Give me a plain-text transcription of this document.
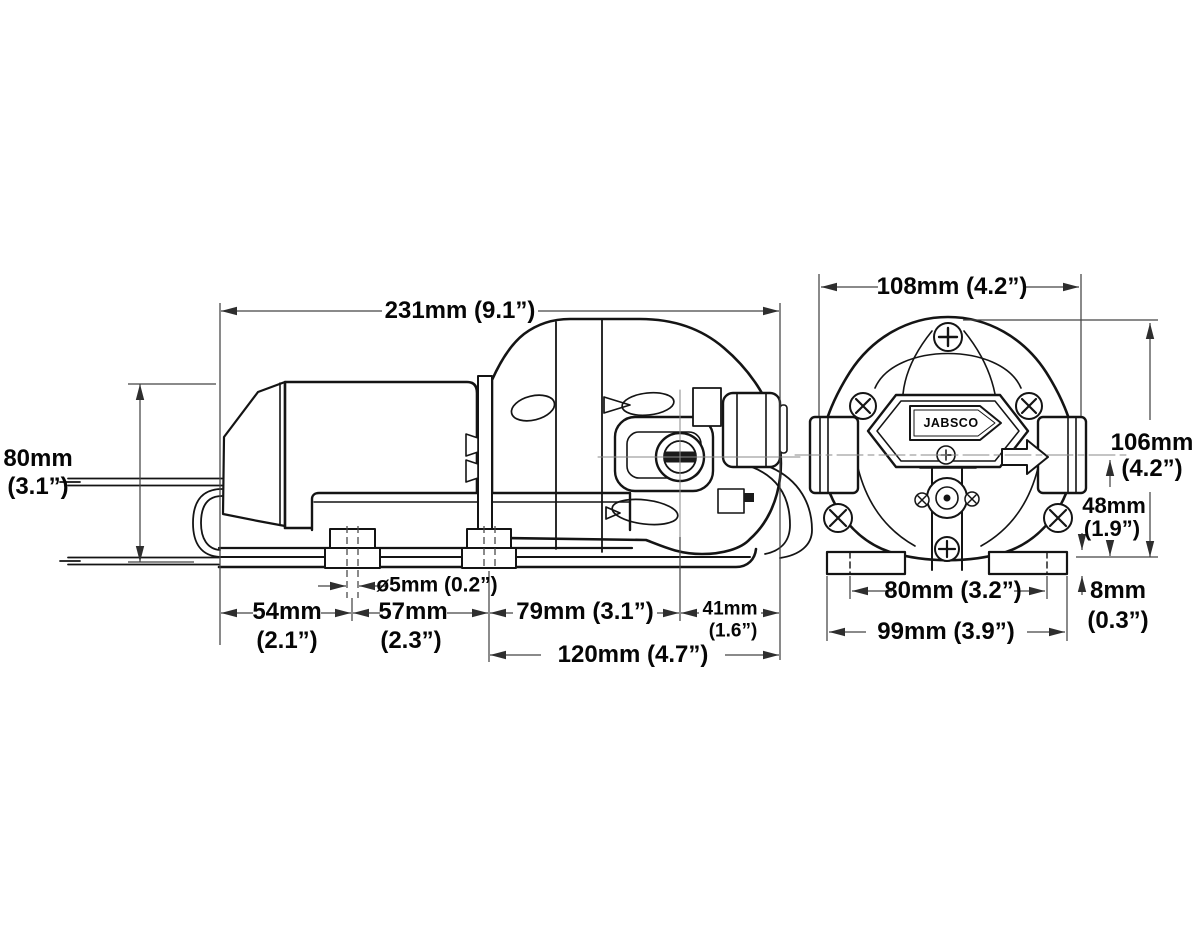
231mm (9.1”)
80mm
(3.1”)
ø5mm (0.2”)
54mm
(2.1”)
57mm
(2.3”)
79mm (3.1”)	41mm
(1.6”)
120mm (4.7”)
108mm (4.2”)
106mm
(4.2”)
48mm
(1.9”)
8mm
(0.3”)
80mm (3.2”)
99mm (3.9”)
JABSCO
